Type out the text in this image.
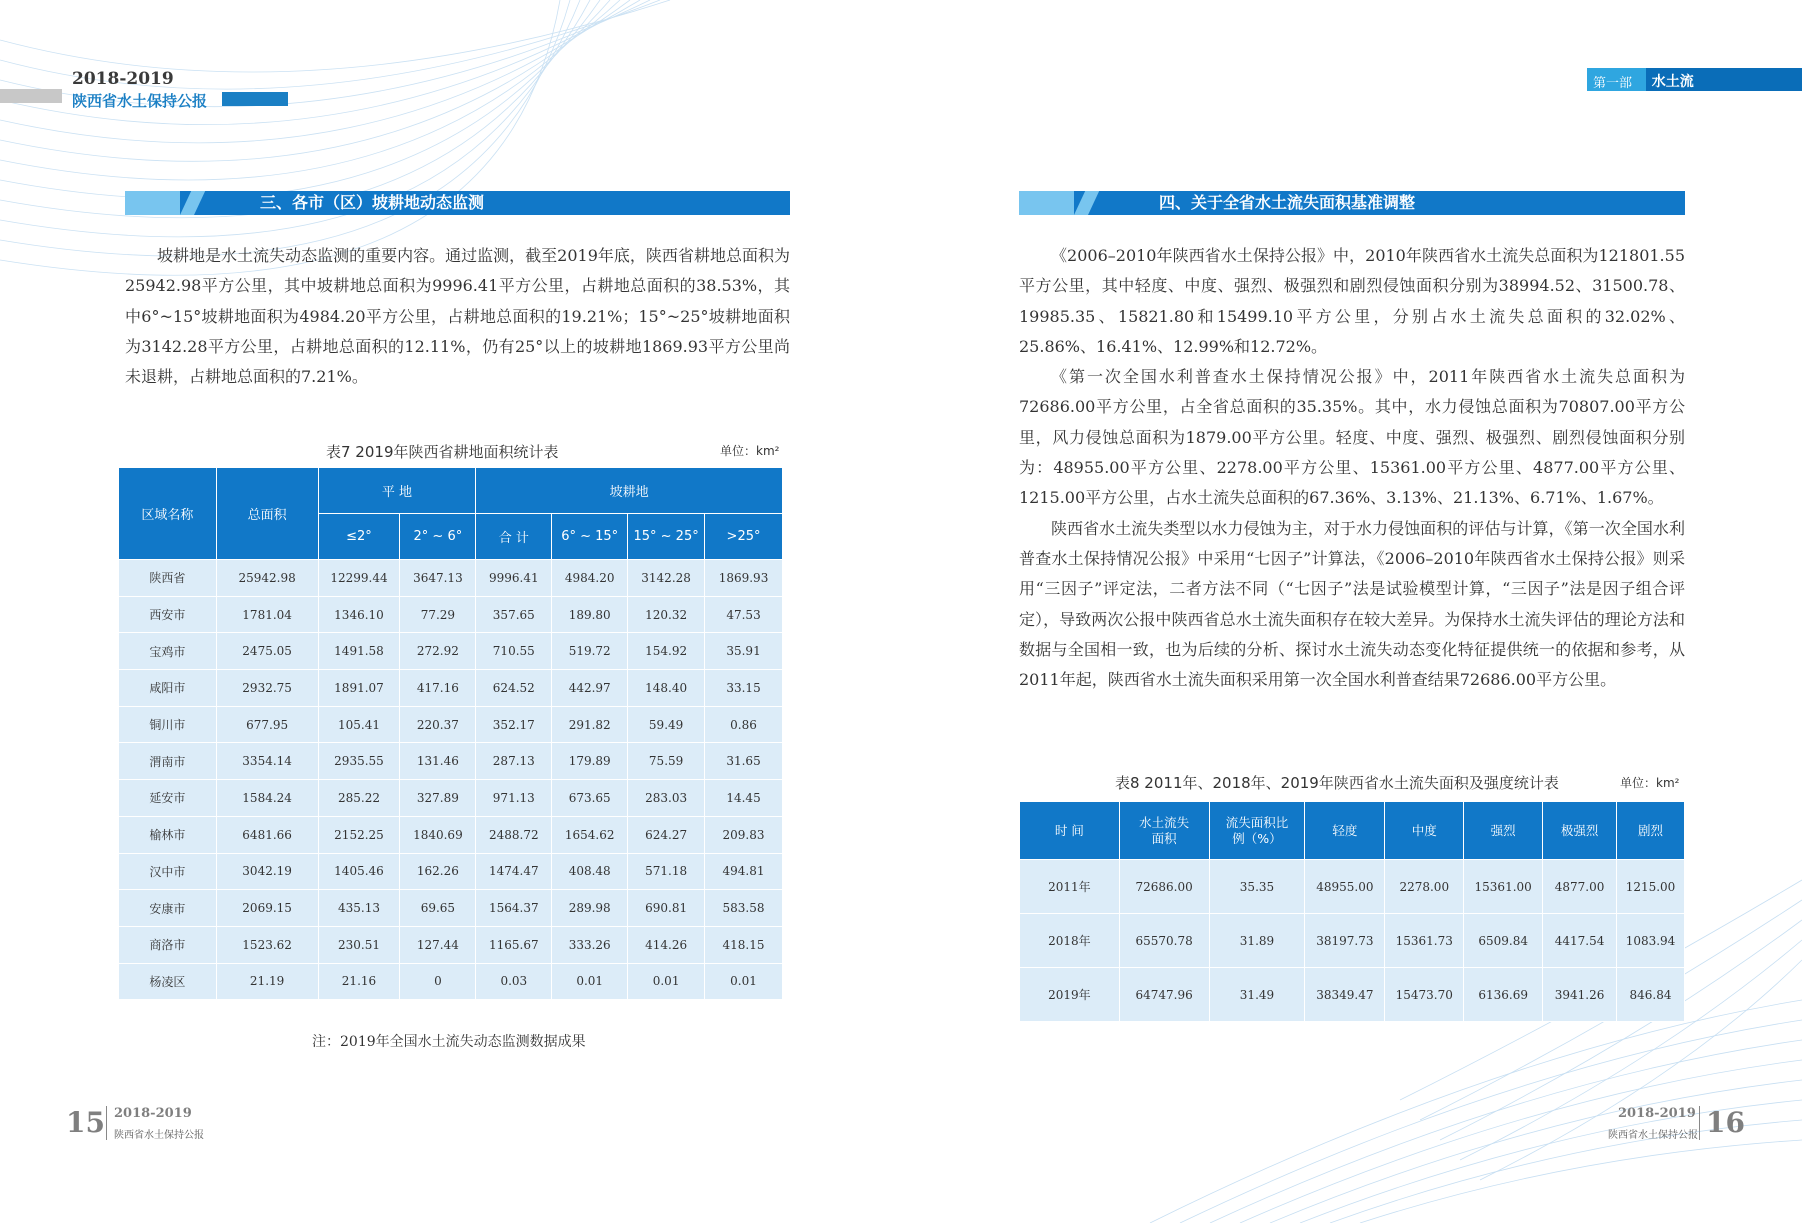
2018-2019
陕西省水土保持公报
第一部分
水土流失
三、各市（区）坡耕地动态监测

坡耕地是水土流失动态监测的重要内容。通过监测，截至2019年底，陕西省耕地总面积为25942.98平方公里，其中坡耕地总面积为9996.41平方公里，占耕地总面积的38.53%，其中6°~15°坡耕地面积为4984.20平方公里，占耕地总面积的19.21%；15°~25°坡耕地面积为3142.28平方公里，占耕地总面积的12.11%，仍有25°以上的坡耕地1869.93平方公里尚未退耕，占耕地总面积的7.21%。

表7 2019年陕西省耕地面积统计表	单位：km²
区域名称	总面积	平 地		坡耕地			
		≤2°	2° ~ 6°	合 计	6° ~ 15°	15° ~ 25°	>25°
陕西省	25942.98	12299.44	3647.13	9996.41	4984.20	3142.28	1869.93
西安市	1781.04	1346.10	77.29	357.65	189.80	120.32	47.53
宝鸡市	2475.05	1491.58	272.92	710.55	519.72	154.92	35.91
咸阳市	2932.75	1891.07	417.16	624.52	442.97	148.40	33.15
铜川市	677.95	105.41	220.37	352.17	291.82	59.49	0.86
渭南市	3354.14	2935.55	131.46	287.13	179.89	75.59	31.65
延安市	1584.24	285.22	327.89	971.13	673.65	283.03	14.45
榆林市	6481.66	2152.25	1840.69	2488.72	1654.62	624.27	209.83
汉中市	3042.19	1405.46	162.26	1474.47	408.48	571.18	494.81
安康市	2069.15	435.13	69.65	1564.37	289.98	690.81	583.58
商洛市	1523.62	230.51	127.44	1165.67	333.26	414.26	418.15
杨凌区	21.19	21.16	0	0.03	0.01	0.01	0.01
注：2019年全国水土流失动态监测数据成果
四、关于全省水土流失面积基准调整

《2006–2010年陕西省水土保持公报》中，2010年陕西省水土流失总面积为121801.55平方公里，其中轻度、中度、强烈、极强烈和剧烈侵蚀面积分别为38994.52、31500.78、19985.35、15821.80和15499.10平方公里，分别占水土流失总面积的32.02%、25.86%、16.41%、12.99%和12.72%。

《第一次全国水利普查水土保持情况公报》中，2011年陕西省水土流失总面积为72686.00平方公里，占全省总面积的35.35%。其中，水力侵蚀总面积为70807.00平方公里，风力侵蚀总面积为1879.00平方公里。轻度、中度、强烈、极强烈、剧烈侵蚀面积分别为：48955.00平方公里、2278.00平方公里、15361.00平方公里、4877.00平方公里、1215.00平方公里，占水土流失总面积的67.36%、3.13%、21.13%、6.71%、1.67%。

陕西省水土流失类型以水力侵蚀为主，对于水力侵蚀面积的评估与计算，《第一次全国水利普查水土保持情况公报》中采用“七因子”计算法，《2006–2010年陕西省水土保持公报》则采用“三因子”评定法，二者方法不同（“七因子”法是试验模型计算，“三因子”法是因子组合评定），导致两次公报中陕西省总水土流失面积存在较大差异。为保持水土流失评估的理论方法和数据与全国相一致，也为后续的分析、探讨水土流失动态变化特征提供统一的依据和参考，从2011年起，陕西省水土流失面积采用第一次全国水利普查结果72686.00平方公里。

表8 2011年、2018年、2019年陕西省水土流失面积及强度统计表	单位：km²
时 间	水土流失面积	流失面积比例（%）	轻度	中度	强烈	极强烈	剧烈
2011年	72686.00	35.35	48955.00	2278.00	15361.00	4877.00	1215.00
2018年	65570.78	31.89	38197.73	15361.73	6509.84	4417.54	1083.94
2019年	64747.96	31.49	38349.47	15473.70	6136.69	3941.26	846.84
15 2018-2019
陕西省水土保持公报
2018-2019
陕西省水土保持公报 16
